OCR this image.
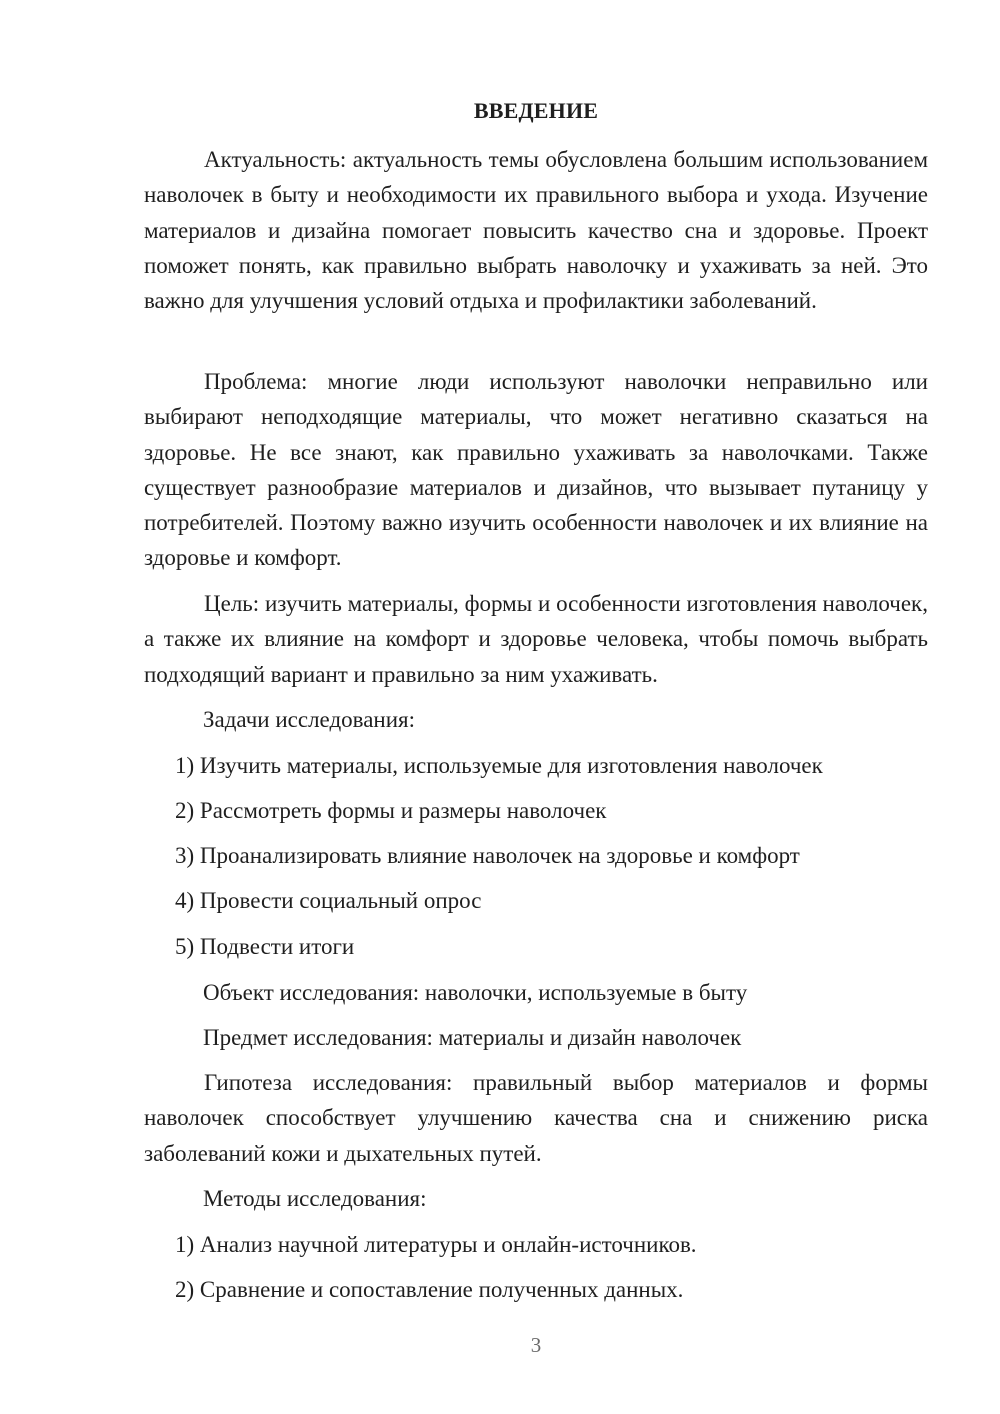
ВВЕДЕНИЕ

Актуальность: актуальность темы обусловлена большим использованием наволочек в быту и необходимости их правильного выбора и ухода. Изучение материалов и дизайна помогает повысить качество сна и здоровье. Проект поможет понять, как правильно выбрать наволочку и ухаживать за ней. Это важно для улучшения условий отдыха и профилактики заболеваний.

Проблема: многие люди используют наволочки неправильно или выбирают неподходящие материалы, что может негативно сказаться на здоровье. Не все знают, как правильно ухаживать за наволочками. Также существует разнообразие материалов и дизайнов, что вызывает путаницу у потребителей. Поэтому важно изучить особенности наволочек и их влияние на здоровье и комфорт.

Цель: изучить материалы, формы и особенности изготовления наволочек, а также их влияние на комфорт и здоровье человека, чтобы помочь выбрать подходящий вариант и правильно за ним ухаживать.

Задачи исследования:

1) Изучить материалы, используемые для изготовления наволочек

2) Рассмотреть формы и размеры наволочек

3) Проанализировать влияние наволочек на здоровье и комфорт

4) Провести социальный опрос

5) Подвести итоги

Объект исследования: наволочки, используемые в быту

Предмет исследования: материалы и дизайн наволочек

Гипотеза исследования: правильный выбор материалов и формы наволочек способствует улучшению качества сна и снижению риска заболеваний кожи и дыхательных путей.

Методы исследования:

1) Анализ научной литературы и онлайн-источников.

2) Сравнение и сопоставление полученных данных.

3
